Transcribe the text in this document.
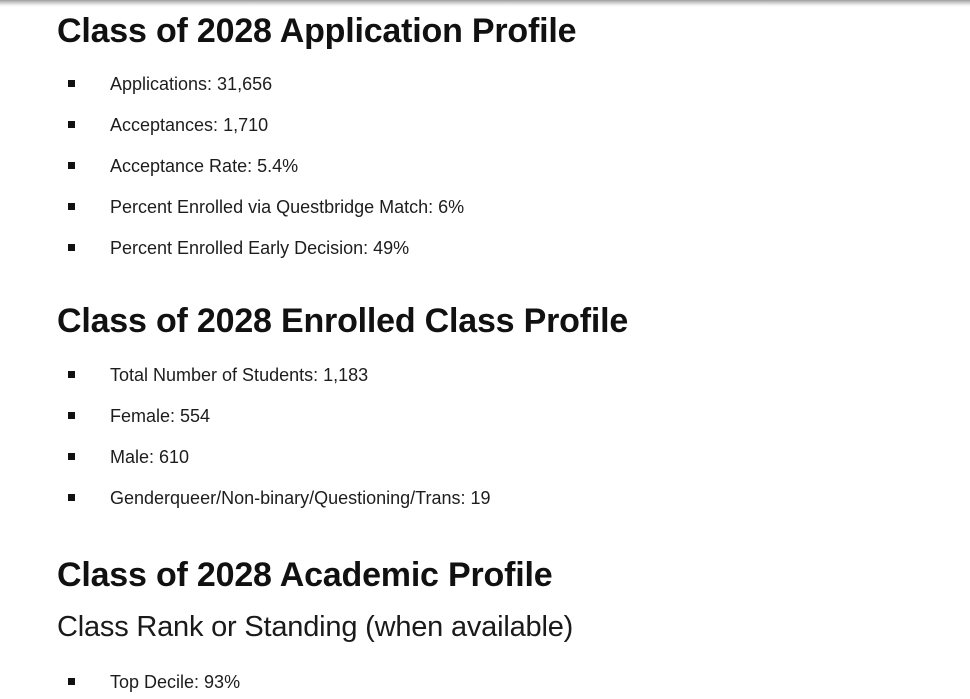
Class of 2028 Application Profile
Applications: 31,656
Acceptances: 1,710
Acceptance Rate: 5.4%
Percent Enrolled via Questbridge Match: 6%
Percent Enrolled Early Decision: 49%
Class of 2028 Enrolled Class Profile
Total Number of Students: 1,183
Female: 554
Male: 610
Genderqueer/Non-binary/Questioning/Trans: 19
Class of 2028 Academic Profile
Class Rank or Standing (when available)
Top Decile: 93%
